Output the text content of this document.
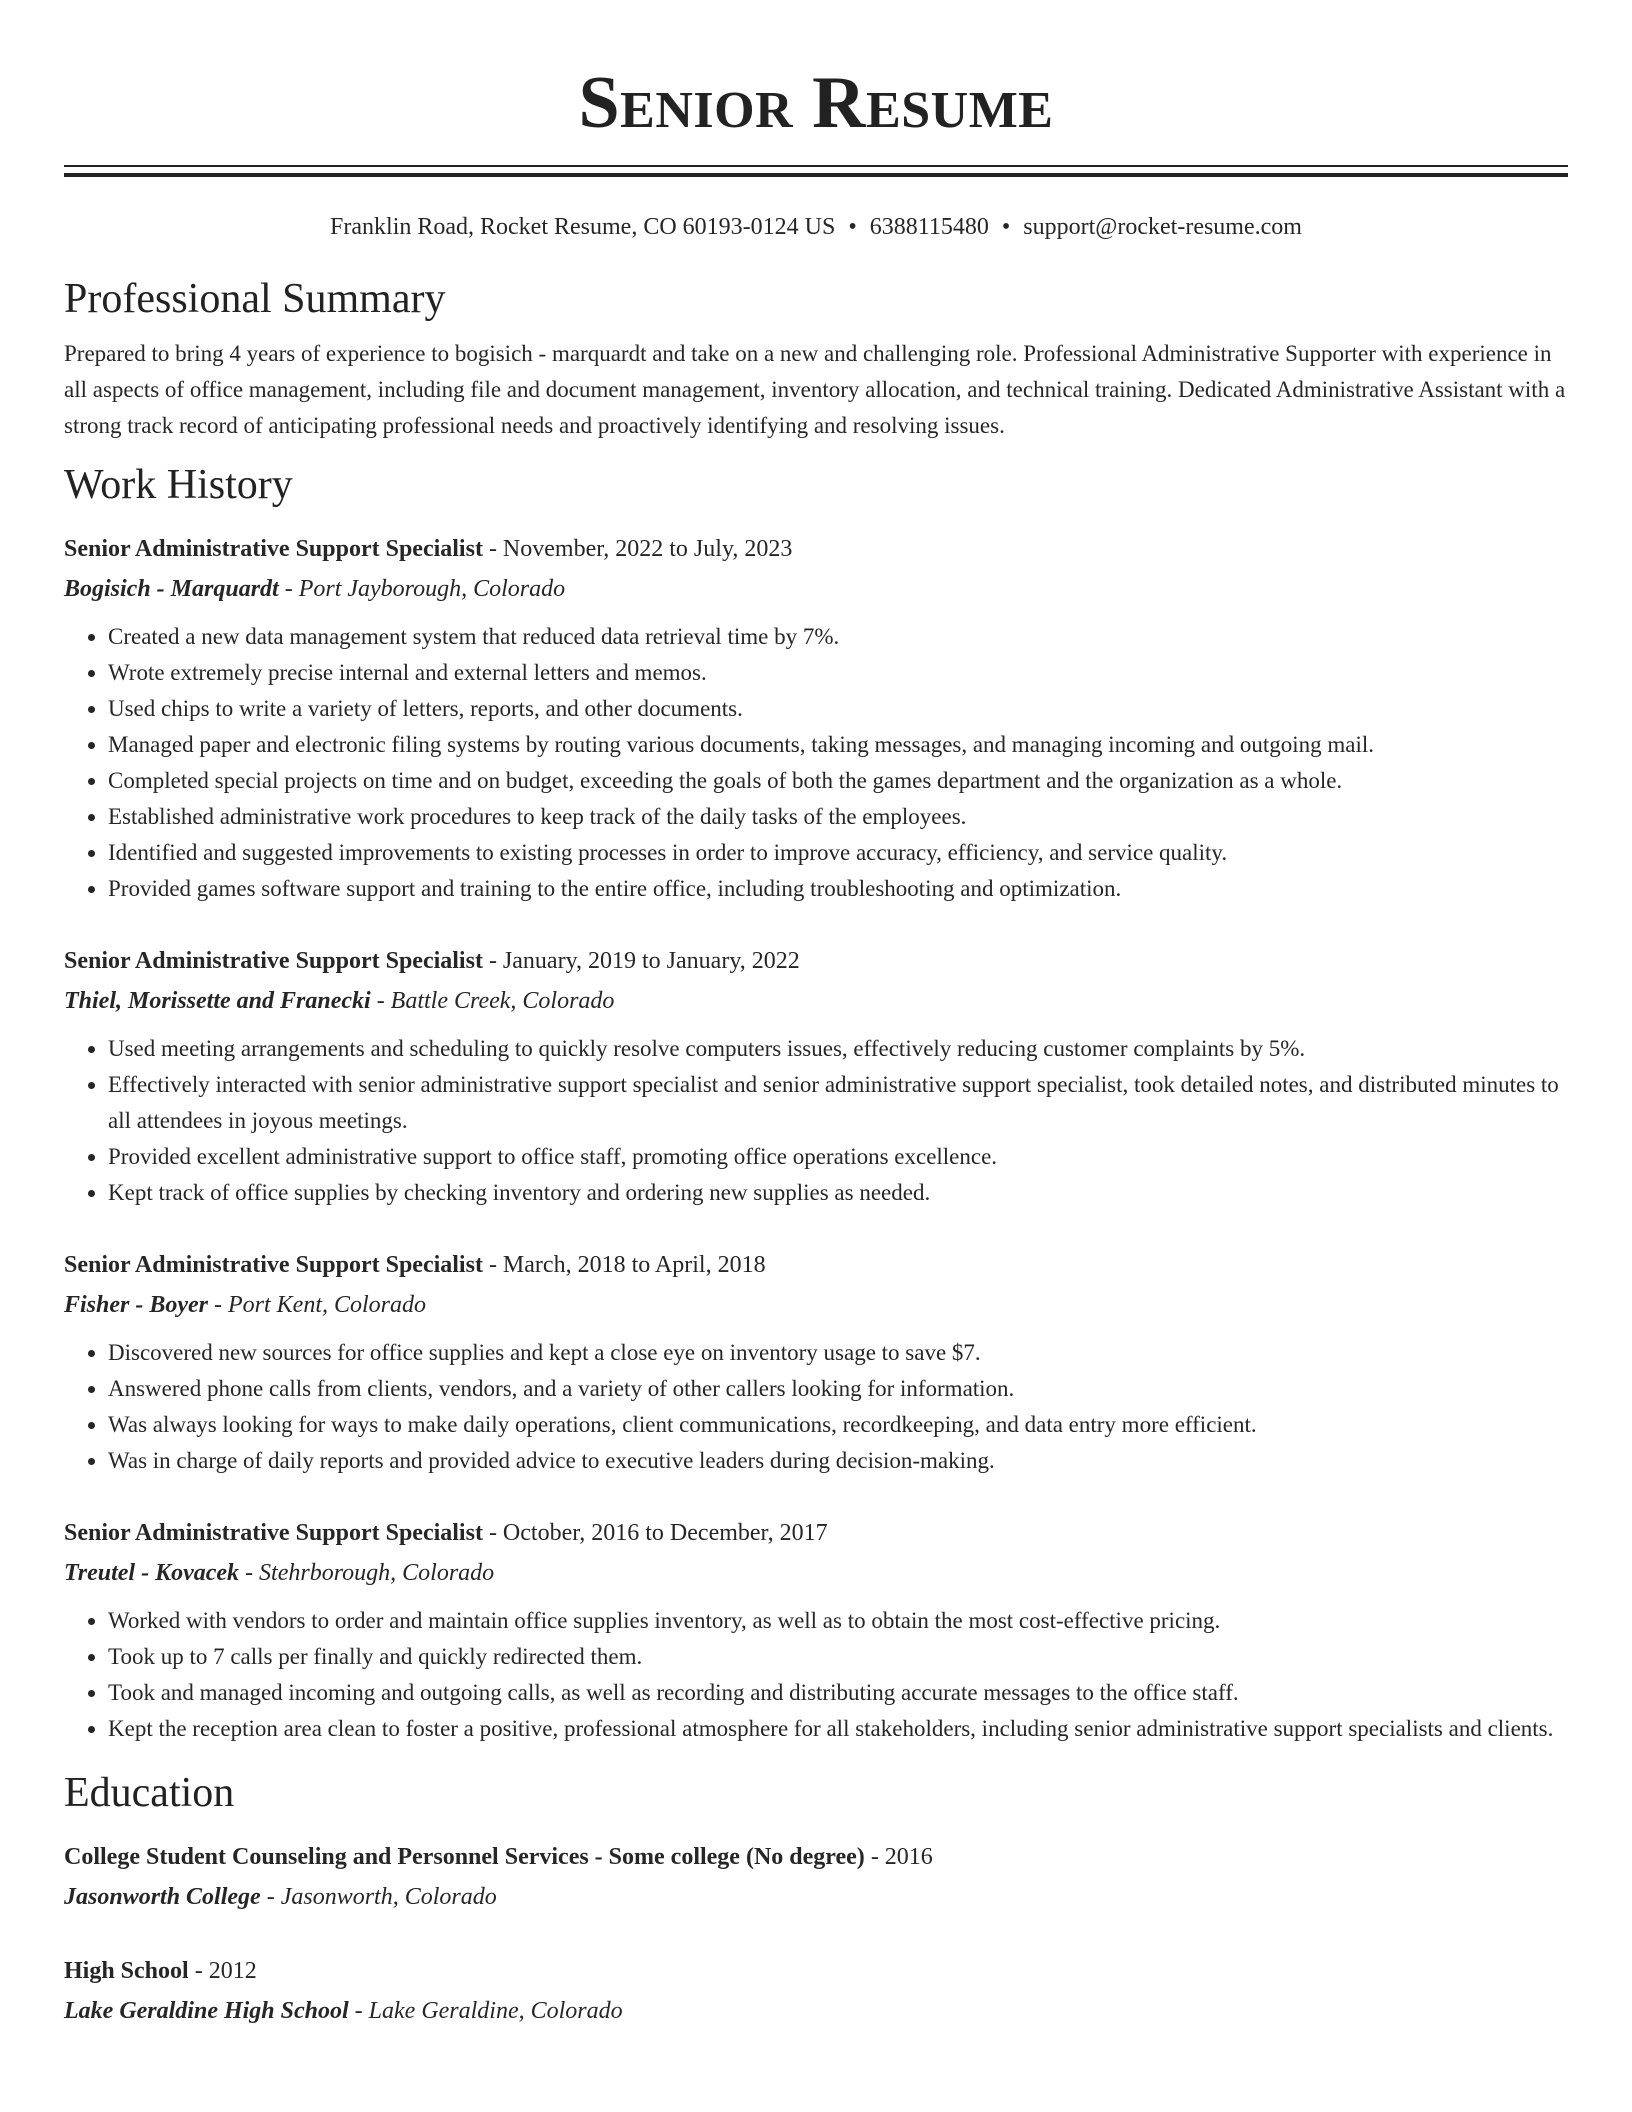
Senior Resume
Franklin Road, Rocket Resume, CO 60193-0124 US • 6388115480 • support@rocket-resume.com
Professional Summary

Prepared to bring 4 years of experience to bogisich - marquardt and take on a new and challenging role. Professional Administrative Supporter with experience in all aspects of office management, including file and document management, inventory allocation, and technical training. Dedicated Administrative Assistant with a strong track record of anticipating professional needs and proactively identifying and resolving issues.

Work History
Senior Administrative Support Specialist - November, 2022 to July, 2023
Bogisich - Marquardt - Port Jayborough, Colorado
• Created a new data management system that reduced data retrieval time by 7%.
• Wrote extremely precise internal and external letters and memos.
• Used chips to write a variety of letters, reports, and other documents.
• Managed paper and electronic filing systems by routing various documents, taking messages, and managing incoming and outgoing mail.
• Completed special projects on time and on budget, exceeding the goals of both the games department and the organization as a whole.
• Established administrative work procedures to keep track of the daily tasks of the employees.
• Identified and suggested improvements to existing processes in order to improve accuracy, efficiency, and service quality.
• Provided games software support and training to the entire office, including troubleshooting and optimization.
Senior Administrative Support Specialist - January, 2019 to January, 2022
Thiel, Morissette and Franecki - Battle Creek, Colorado
• Used meeting arrangements and scheduling to quickly resolve computers issues, effectively reducing customer complaints by 5%.
• Effectively interacted with senior administrative support specialist and senior administrative support specialist, took detailed notes, and distributed minutes to all attendees in joyous meetings.
• Provided excellent administrative support to office staff, promoting office operations excellence.
• Kept track of office supplies by checking inventory and ordering new supplies as needed.
Senior Administrative Support Specialist - March, 2018 to April, 2018
Fisher - Boyer - Port Kent, Colorado
• Discovered new sources for office supplies and kept a close eye on inventory usage to save $7.
• Answered phone calls from clients, vendors, and a variety of other callers looking for information.
• Was always looking for ways to make daily operations, client communications, recordkeeping, and data entry more efficient.
• Was in charge of daily reports and provided advice to executive leaders during decision-making.
Senior Administrative Support Specialist - October, 2016 to December, 2017
Treutel - Kovacek - Stehrborough, Colorado
• Worked with vendors to order and maintain office supplies inventory, as well as to obtain the most cost-effective pricing.
• Took up to 7 calls per finally and quickly redirected them.
• Took and managed incoming and outgoing calls, as well as recording and distributing accurate messages to the office staff.
• Kept the reception area clean to foster a positive, professional atmosphere for all stakeholders, including senior administrative support specialists and clients.
Education
College Student Counseling and Personnel Services - Some college (No degree) - 2016
Jasonworth College - Jasonworth, Colorado
High School - 2012
Lake Geraldine High School - Lake Geraldine, Colorado
